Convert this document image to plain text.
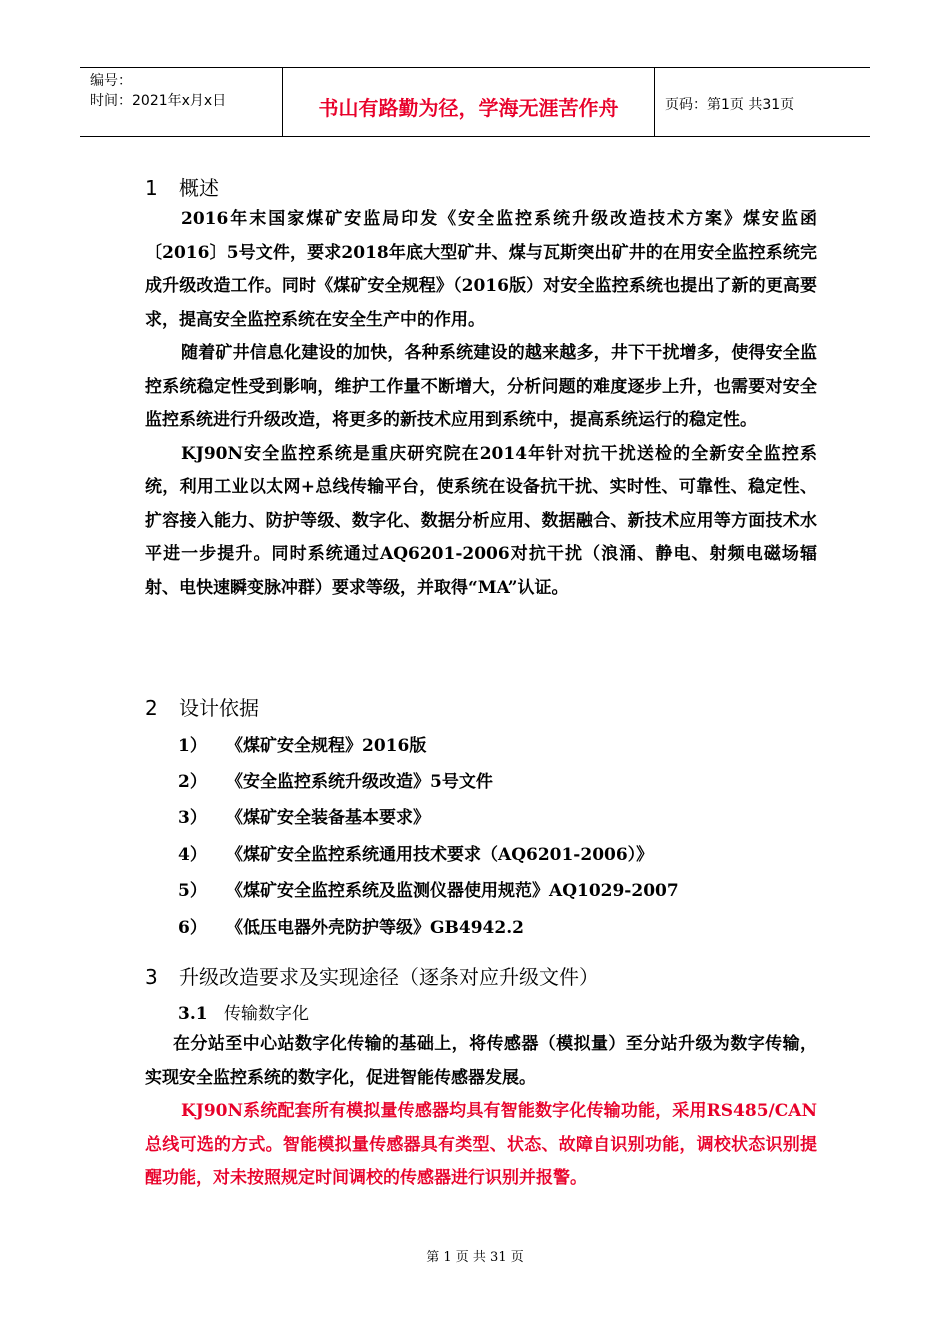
编号：
时间：2021年x月x日	书山有路勤为径，学海无涯苦作舟	页码：第1页 共31页
1 概述

2016年末国家煤矿安监局印发《安全监控系统升级改造技术方案》煤安监函〔2016〕5号文件，要求2018年底大型矿井、煤与瓦斯突出矿井的在用安全监控系统完成升级改造工作。同时《煤矿安全规程》（2016版）对安全监控系统也提出了新的更高要求，提高安全监控系统在安全生产中的作用。

随着矿井信息化建设的加快，各种系统建设的越来越多，井下干扰增多，使得安全监控系统稳定性受到影响，维护工作量不断增大，分析问题的难度逐步上升，也需要对安全监控系统进行升级改造，将更多的新技术应用到系统中，提高系统运行的稳定性。

KJ90N安全监控系统是重庆研究院在2014年针对抗干扰送检的全新安全监控系统，利用工业以太网+总线传输平台，使系统在设备抗干扰、实时性、可靠性、稳定性、扩容接入能力、防护等级、数字化、数据分析应用、数据融合、新技术应用等方面技术水平进一步提升。同时系统通过AQ6201-2006对抗干扰（浪涌、静电、射频电磁场辐射、电快速瞬变脉冲群）要求等级，并取得“MA”认证。

2 设计依据
1） 《煤矿安全规程》2016版
2） 《安全监控系统升级改造》5号文件
3） 《煤矿安全装备基本要求》
4） 《煤矿安全监控系统通用技术要求（AQ6201-2006）》
5） 《煤矿安全监控系统及监测仪器使用规范》AQ1029-2007
6） 《低压电器外壳防护等级》GB4942.2
3 升级改造要求及实现途径（逐条对应升级文件）
3.1 传输数字化

在分站至中心站数字化传输的基础上，将传感器（模拟量）至分站升级为数字传输，实现安全监控系统的数字化，促进智能传感器发展。

KJ90N系统配套所有模拟量传感器均具有智能数字化传输功能，采用RS485/CAN总线可选的方式。智能模拟量传感器具有类型、状态、故障自识别功能，调校状态识别提醒功能，对未按照规定时间调校的传感器进行识别并报警。

第 1 页 共 31 页
